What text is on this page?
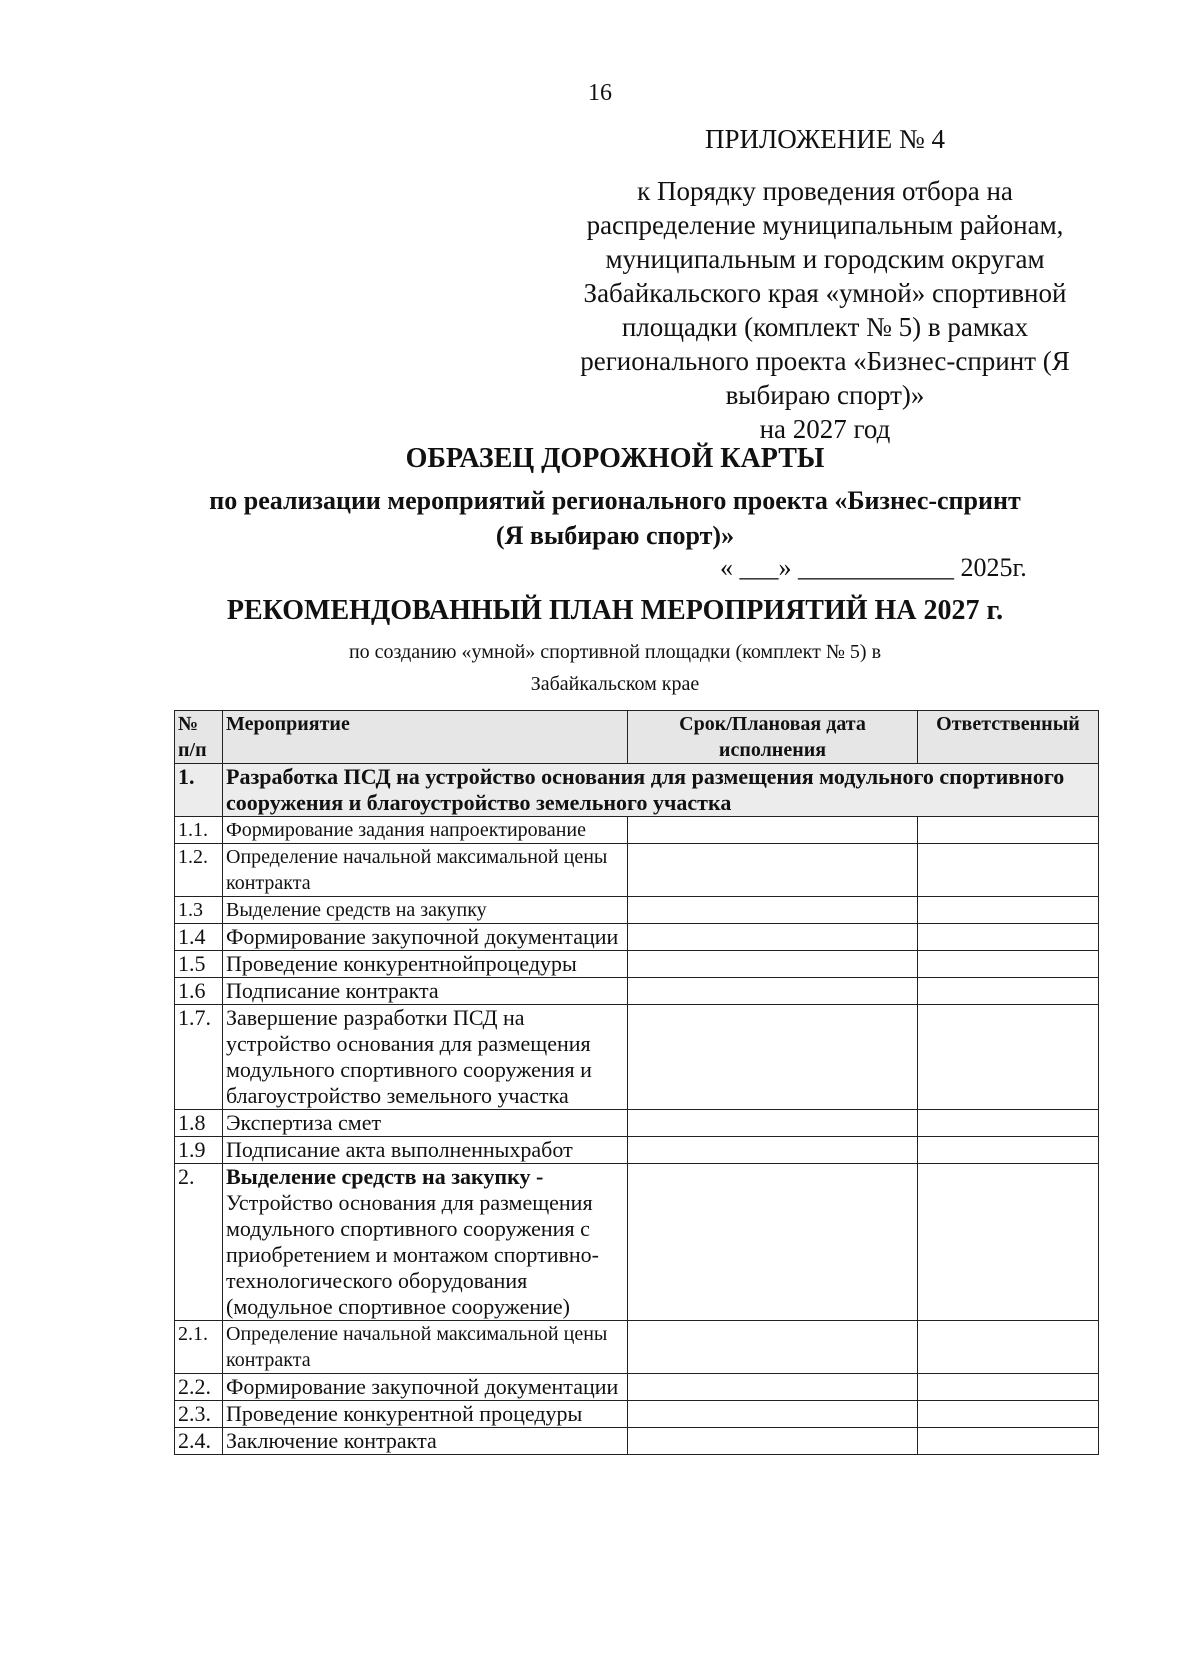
16
ПРИЛОЖЕНИЕ № 4
к Порядку проведения отбора на
распределение муниципальным районам,
муниципальным и городским округам
Забайкальского края «умной» спортивной
площадки (комплект № 5) в рамках
регионального проекта «Бизнес-спринт (Я
выбираю спорт)»
на 2027 год
ОБРАЗЕЦ ДОРОЖНОЙ КАРТЫ
по реализации мероприятий регионального проекта «Бизнес-спринт
(Я выбираю спорт)»
« ___» ____________ 2025г.
РЕКОМЕНДОВАННЫЙ ПЛАН МЕРОПРИЯТИЙ НА 2027 г.
по созданию «умной» спортивной площадки (комплект № 5) в
Забайкальском крае
№ п/п	Мероприятие	Срок/Плановая дата исполнения	Ответственный
1.	Разработка ПСД на устройство основания для размещения модульного спортивного сооружения и благоустройство земельного участка		
1.1.	Формирование задания напроектирование		
1.2.	Определение начальной максимальной цены контракта		
1.3	Выделение средств на закупку		
1.4	Формирование закупочной документации		
1.5	Проведение конкурентнойпроцедуры		
1.6	Подписание контракта		
1.7.	Завершение разработки ПСД на устройство основания для размещения модульного спортивного сооружения и благоустройство земельного участка		
1.8	Экспертиза смет		
1.9	Подписание акта выполненныхработ		
2.	Выделение средств на закупку -
Устройство основания для размещения модульного спортивного сооружения с приобретением и монтажом спортивно-технологического оборудования (модульное спортивное сооружение)		
2.1.	Определение начальной максимальной цены контракта		
2.2.	Формирование закупочной документации		
2.3.	Проведение конкурентной процедуры		
2.4.	Заключение контракта		
